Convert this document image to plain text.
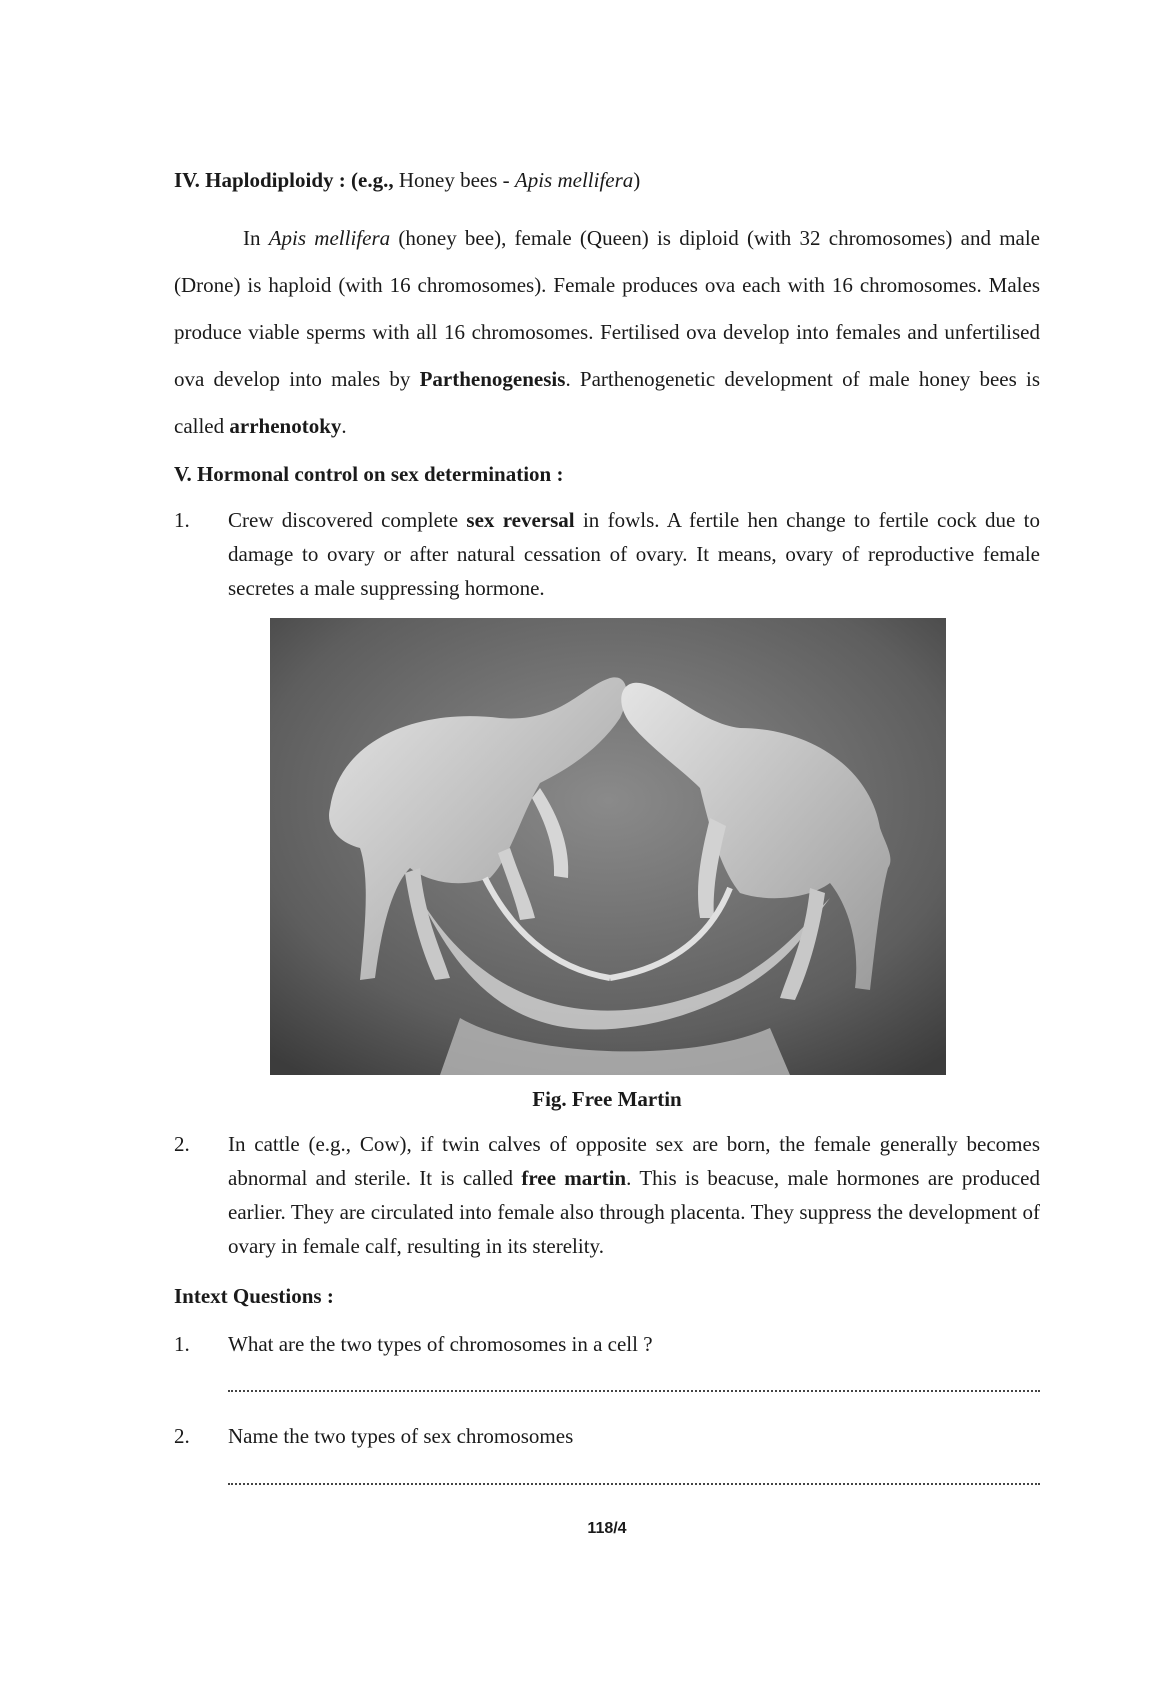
IV. Haplodiploidy : (e.g., Honey bees - Apis mellifera)
In Apis mellifera (honey bee), female (Queen) is diploid (with 32 chromosomes) and male (Drone) is haploid (with 16 chromosomes). Female produces ova each with 16 chromosomes. Males produce viable sperms with all 16 chromosomes. Fertilised ova develop into females and unfertilised ova develop into males by Parthenogenesis. Parthenogenetic development of male honey bees is called arrhenotoky.
V. Hormonal control on sex determination :
1.	Crew discovered complete sex reversal in fowls. A fertile hen change to fertile cock due to damage to ovary or after natural cessation of ovary. It means, ovary of reproductive female secretes a male suppressing hormone.
Fig. Free Martin
2.	In cattle (e.g., Cow), if twin calves of opposite sex are born, the female generally becomes abnormal and sterile. It is called free martin. This is beacuse, male hormones are produced earlier. They are circulated into female also through placenta. They suppress the development of ovary in female calf, resulting in its sterelity.
Intext Questions :
1.	What are the two types of chromosomes in a cell ?
2.	Name the two types of sex chromosomes
118/4
